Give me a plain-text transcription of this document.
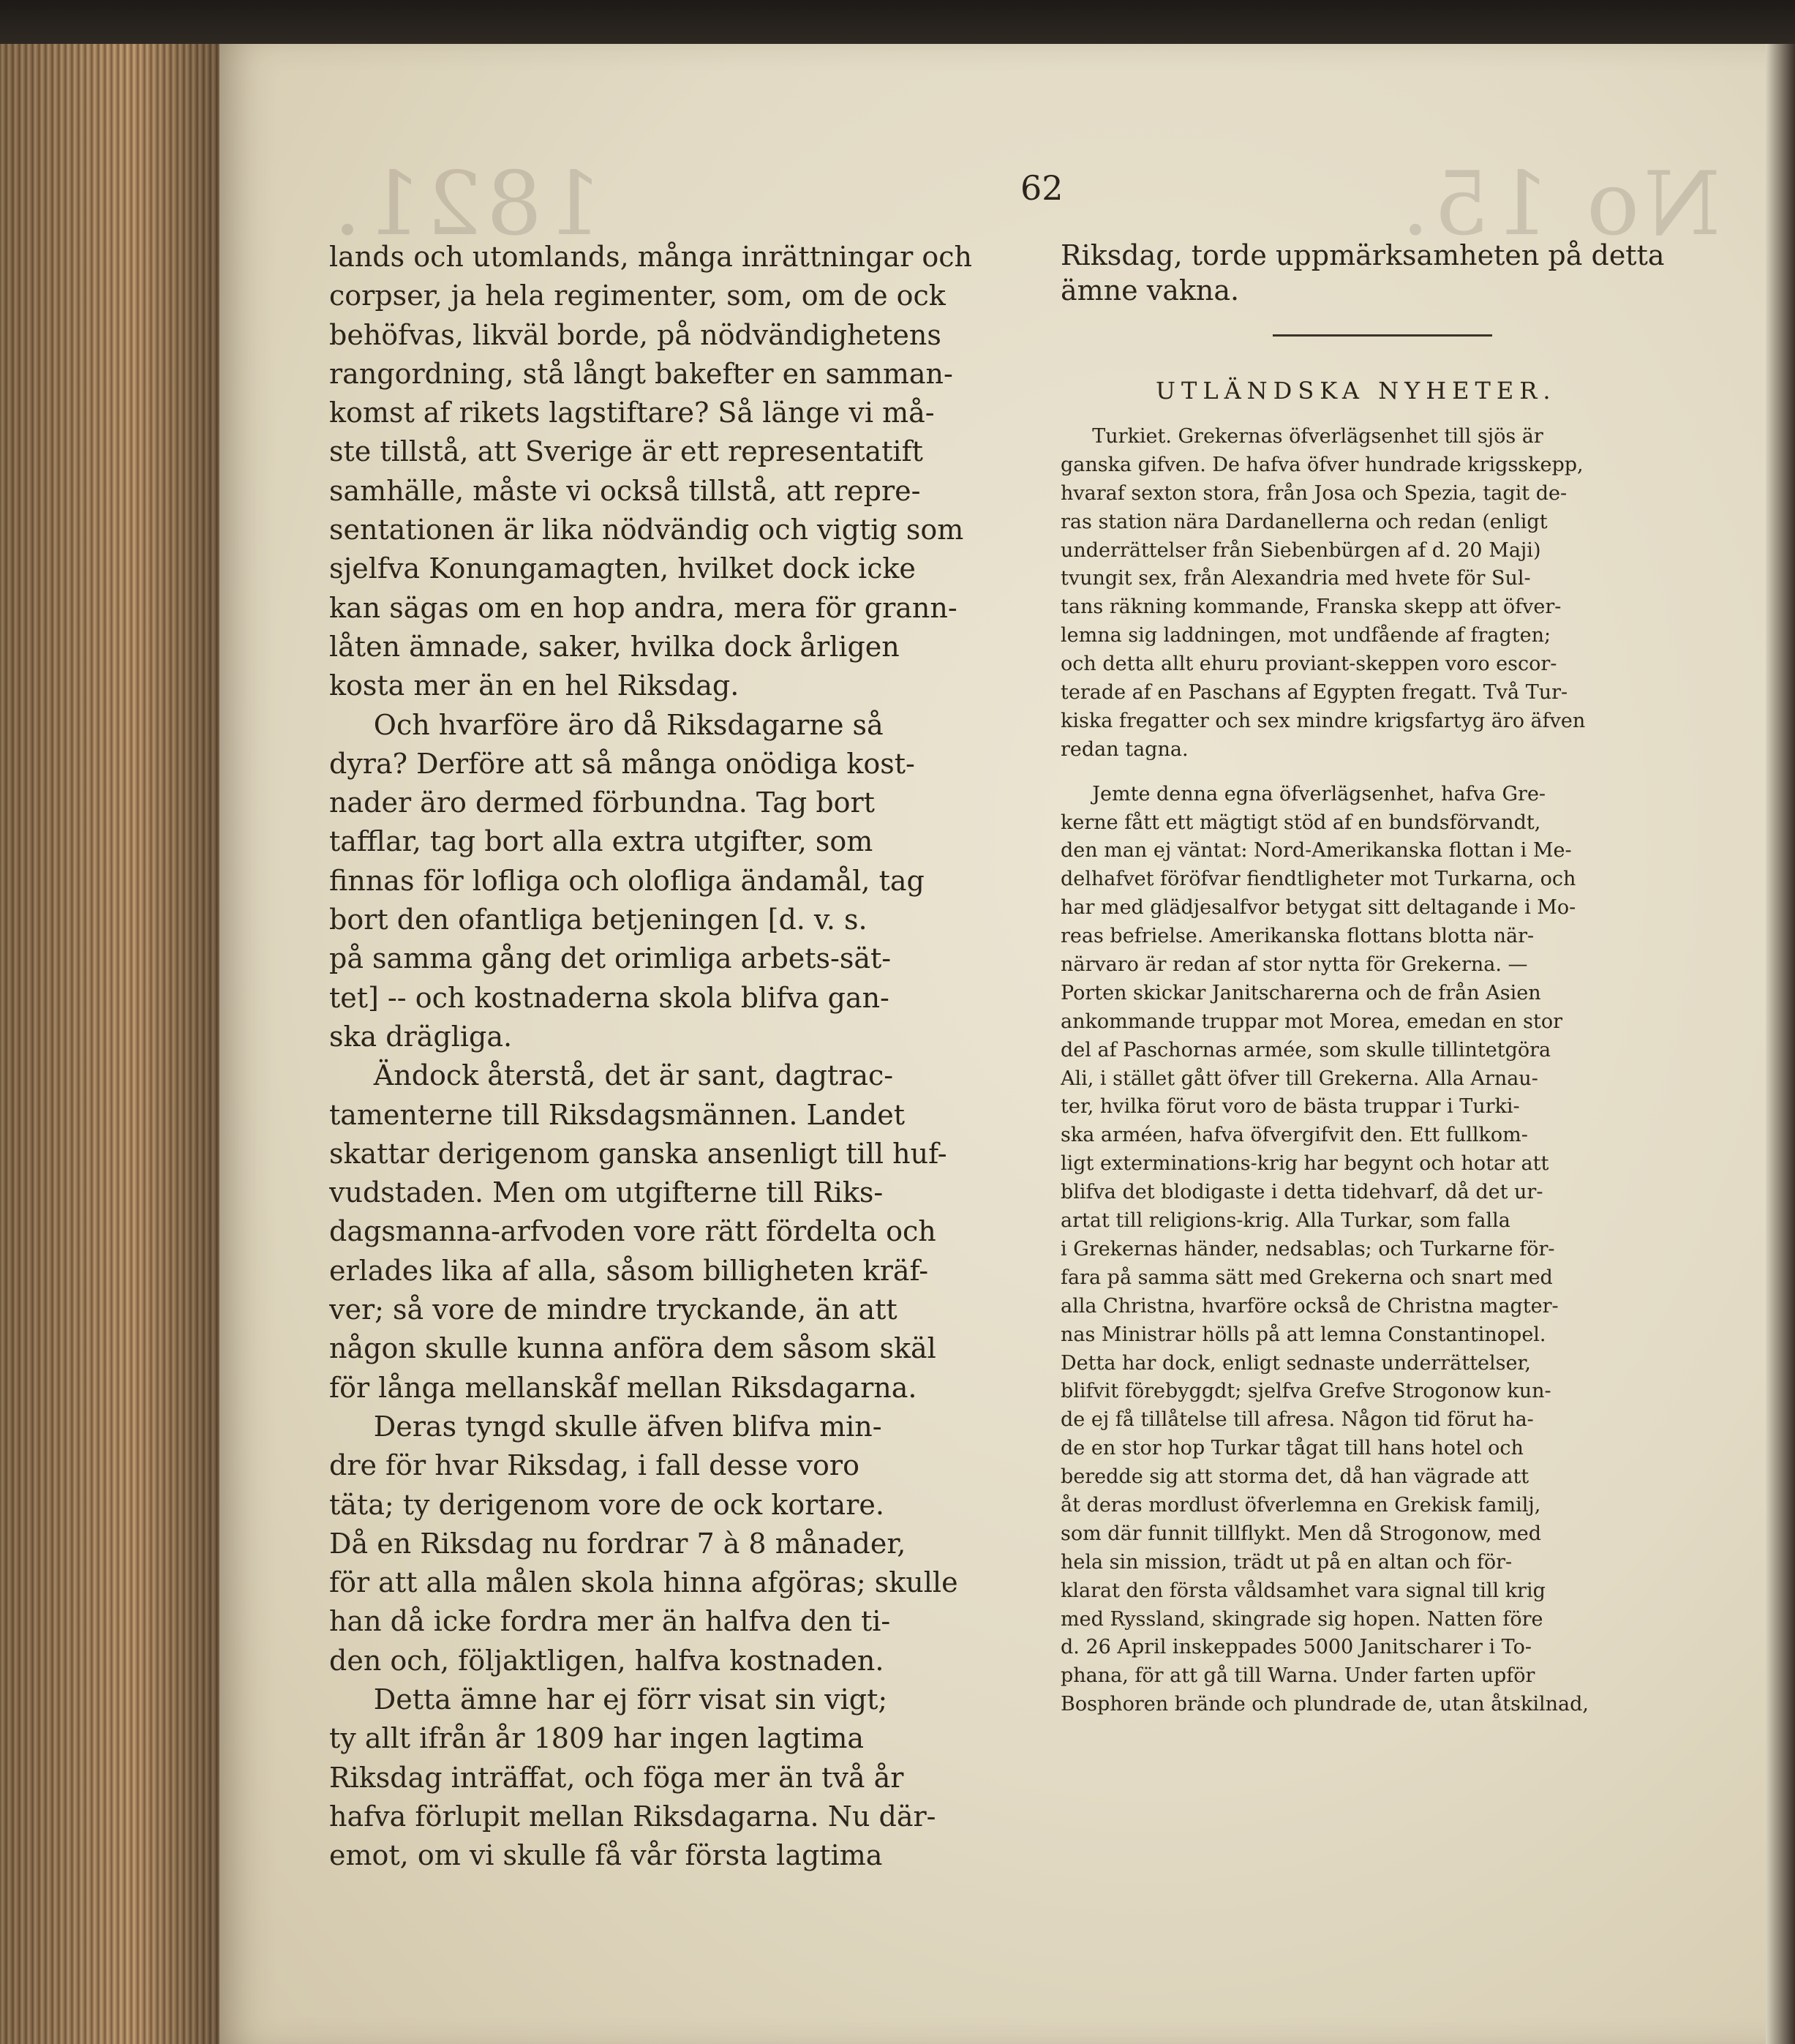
1821.	No 15.
62
lands och utomlands, många inrättningar och
corpser, ja hela regimenter, som, om de ock
behöfvas, likväl borde, på nödvändighetens
rangordning, stå långt bakefter en samman-
komst af rikets lagstiftare? Så länge vi må-
ste tillstå, att Sverige är ett representatift
samhälle, måste vi också tillstå, att repre-
sentationen är lika nödvändig och vigtig som
sjelfva Konungamagten, hvilket dock icke
kan sägas om en hop andra, mera för grann-
låten ämnade, saker, hvilka dock årligen
kosta mer än en hel Riksdag.
Och hvarföre äro då Riksdagarne så
dyra? Derföre att så många onödiga kost-
nader äro dermed förbundna. Tag bort
tafflar, tag bort alla extra utgifter, som
finnas för lofliga och olofliga ändamål, tag
bort den ofantliga betjeningen [d. v. s.
på samma gång det orimliga arbets-sät-
tet] -- och kostnaderna skola blifva gan-
ska drägliga.
Ändock återstå, det är sant, dagtrac-
tamenterne till Riksdagsmännen. Landet
skattar derigenom ganska ansenligt till huf-
vudstaden. Men om utgifterne till Riks-
dagsmanna-arfvoden vore rätt fördelta och
erlades lika af alla, såsom billigheten kräf-
ver; så vore de mindre tryckande, än att
någon skulle kunna anföra dem såsom skäl
för långa mellanskåf mellan Riksdagarna.
Deras tyngd skulle äfven blifva min-
dre för hvar Riksdag, i fall desse voro
täta; ty derigenom vore de ock kortare.
Då en Riksdag nu fordrar 7 à 8 månader,
för att alla målen skola hinna afgöras; skulle
han då icke fordra mer än halfva den ti-
den och, följaktligen, halfva kostnaden.
Detta ämne har ej förr visat sin vigt;
ty allt ifrån år 1809 har ingen lagtima
Riksdag inträffat, och föga mer än två år
hafva förlupit mellan Riksdagarna. Nu där-
emot, om vi skulle få vår första lagtima
Riksdag, torde uppmärksamheten på detta
ämne vakna.
UTLÄNDSKA NYHETER.
Turkiet. Grekernas öfverlägsenhet till sjös är
ganska gifven. De hafva öfver hundrade krigsskepp,
hvaraf sexton stora, från Josa och Spezia, tagit de-
ras station nära Dardanellerna och redan (enligt
underrättelser från Siebenbürgen af d. 20 Maji)
tvungit sex, från Alexandria med hvete för Sul-
tans räkning kommande, Franska skepp att öfver-
lemna sig laddningen, mot undfående af fragten;
och detta allt ehuru proviant-skeppen voro escor-
terade af en Paschans af Egypten fregatt. Två Tur-
kiska fregatter och sex mindre krigsfartyg äro äfven
redan tagna.
Jemte denna egna öfverlägsenhet, hafva Gre-
kerne fått ett mägtigt stöd af en bundsförvandt,
den man ej väntat: Nord-Amerikanska flottan i Me-
delhafvet föröfvar fiendtligheter mot Turkarna, och
har med glädjesalfvor betygat sitt deltagande i Mo-
reas befrielse. Amerikanska flottans blotta när-
närvaro är redan af stor nytta för Grekerna. —
Porten skickar Janitscharerna och de från Asien
ankommande truppar mot Morea, emedan en stor
del af Paschornas armée, som skulle tillintetgöra
Ali, i stället gått öfver till Grekerna. Alla Arnau-
ter, hvilka förut voro de bästa truppar i Turki-
ska arméen, hafva öfvergifvit den. Ett fullkom-
ligt exterminations-krig har begynt och hotar att
blifva det blodigaste i detta tidehvarf, då det ur-
artat till religions-krig. Alla Turkar, som falla
i Grekernas händer, nedsablas; och Turkarne för-
fara på samma sätt med Grekerna och snart med
alla Christna, hvarföre också de Christna magter-
nas Ministrar hölls på att lemna Constantinopel.
Detta har dock, enligt sednaste underrättelser,
blifvit förebyggdt; sjelfva Grefve Strogonow kun-
de ej få tillåtelse till afresa. Någon tid förut ha-
de en stor hop Turkar tågat till hans hotel och
beredde sig att storma det, då han vägrade att
åt deras mordlust öfverlemna en Grekisk familj,
som där funnit tillflykt. Men då Strogonow, med
hela sin mission, trädt ut på en altan och för-
klarat den första våldsamhet vara signal till krig
med Ryssland, skingrade sig hopen. Natten före
d. 26 April inskeppades 5000 Janitscharer i To-
phana, för att gå till Warna. Under farten upför
Bosphoren brände och plundrade de, utan åtskilnad,
